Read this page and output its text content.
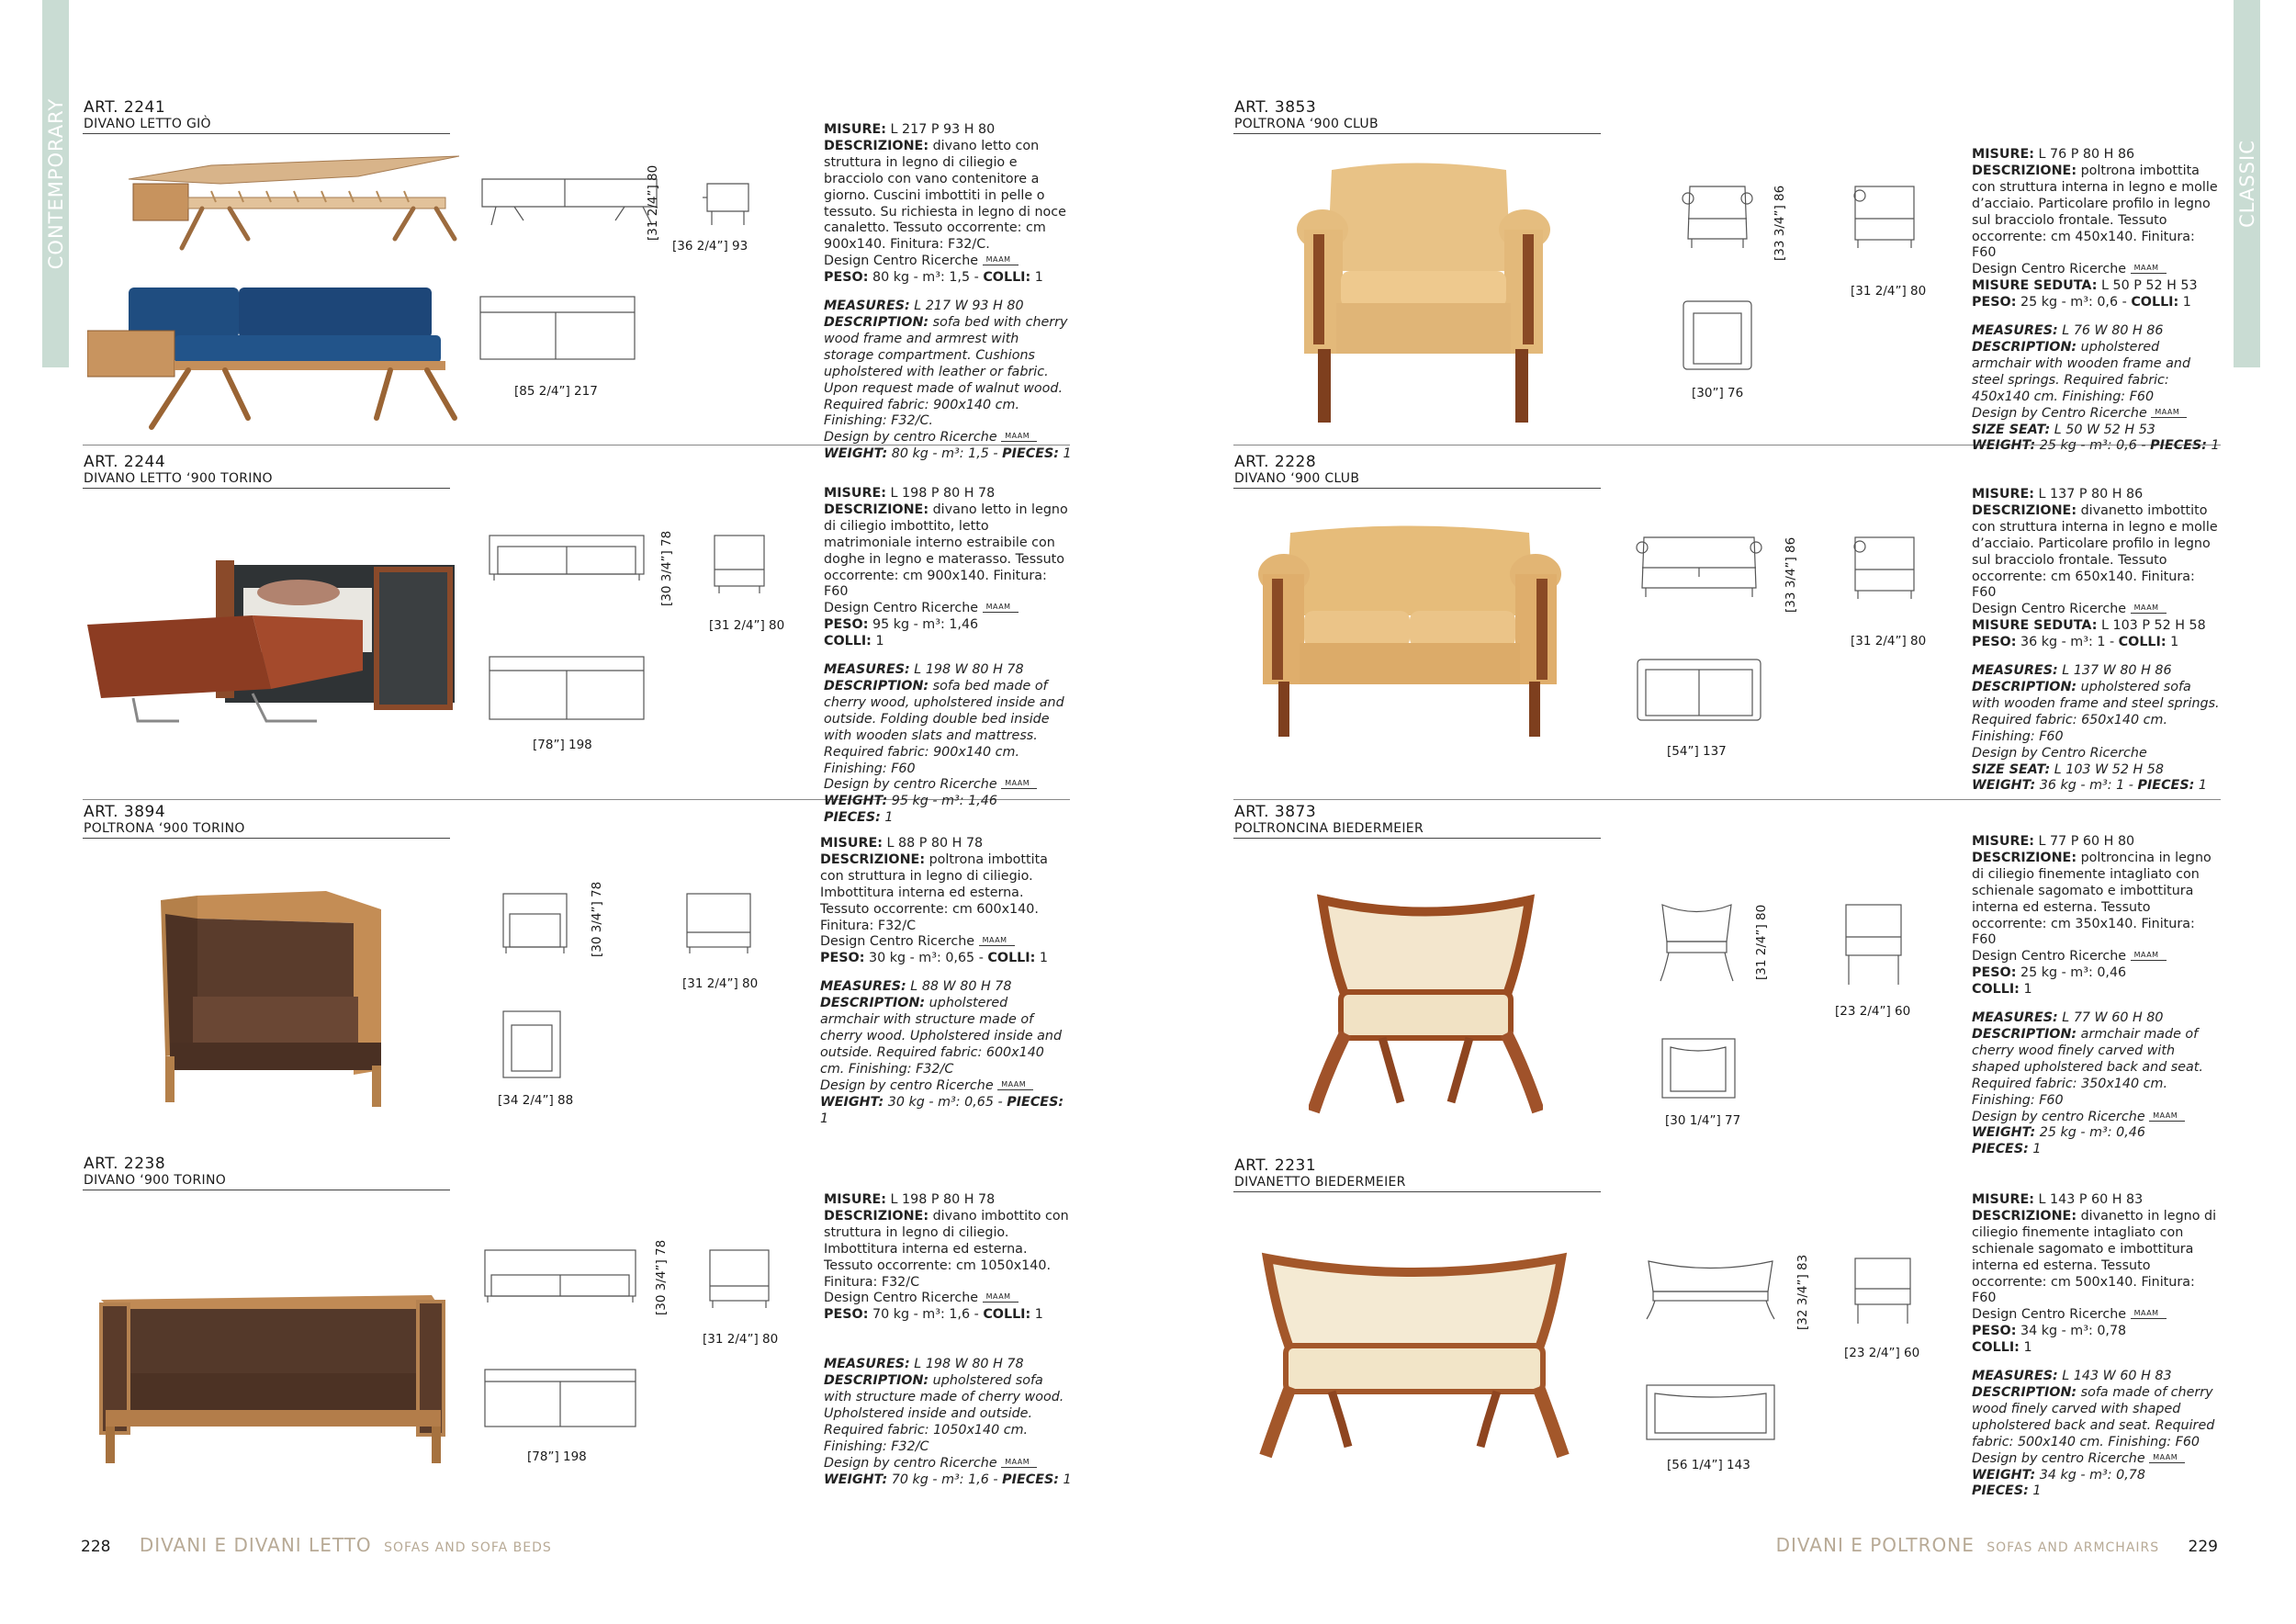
CONTEMPORARY	CLASSIC
ART. 2241
DIVANO LETTO GIÒ
[31 2/4”] 80
[36 2/4”] 93
[85 2/4”] 217
MISURE: L 217 P 93 H 80
DESCRIZIONE: divano letto con struttura in legno di ciliegio e bracciolo con vano contenitore a giorno. Cuscini imbottiti in pelle o tessuto. Su richiesta in legno di noce canaletto. Tessuto occorrente: cm 900x140. Finitura: F32/C.
Design Centro Ricerche MAAM
PESO: 80 kg - m³: 1,5 - COLLI: 1
MEASURES: L 217 W 93 H 80
DESCRIPTION: sofa bed with cherry wood frame and armrest with storage compartment. Cushions upholstered with leather or fabric. Upon request made of walnut wood. Required fabric: 900x140 cm. Finishing: F32/C.
Design by centro Ricerche MAAM
WEIGHT: 80 kg - m³: 1,5 - PIECES: 1
ART. 2244
DIVANO LETTO ‘900 TORINO
[30 3/4”] 78
[31 2/4”] 80
[78”] 198
MISURE: L 198 P 80 H 78
DESCRIZIONE: divano letto in legno di ciliegio imbottito, letto matrimoniale interno estraibile con doghe in legno e materasso. Tessuto occorrente: cm 900x140. Finitura: F60
Design Centro Ricerche MAAM
PESO: 95 kg - m³: 1,46
COLLI: 1
MEASURES: L 198 W 80 H 78
DESCRIPTION: sofa bed made of cherry wood, upholstered inside and outside. Folding double bed inside with wooden slats and mattress. Required fabric: 900x140 cm. Finishing: F60
Design by centro Ricerche MAAM
WEIGHT: 95 kg - m³: 1,46
PIECES: 1
ART. 3894
POLTRONA ‘900 TORINO
[30 3/4”] 78
[31 2/4”] 80
[34 2/4”] 88
MISURE: L 88 P 80 H 78
DESCRIZIONE: poltrona imbottita con struttura in legno di ciliegio. Imbottitura interna ed esterna. Tessuto occorrente: cm 600x140. Finitura: F32/C
Design Centro Ricerche MAAM
PESO: 30 kg - m³: 0,65 - COLLI: 1
MEASURES: L 88 W 80 H 78
DESCRIPTION: upholstered armchair with structure made of cherry wood. Upholstered inside and outside. Required fabric: 600x140 cm. Finishing: F32/C
Design by centro Ricerche MAAM
WEIGHT: 30 kg - m³: 0,65 - PIECES: 1
ART. 2238
DIVANO ‘900 TORINO
[30 3/4”] 78
[31 2/4”] 80
[78”] 198
MISURE: L 198 P 80 H 78
DESCRIZIONE: divano imbottito con struttura in legno di ciliegio. Imbottitura interna ed esterna. Tessuto occorrente: cm 1050x140. Finitura: F32/C
Design Centro Ricerche MAAM
PESO: 70 kg - m³: 1,6 - COLLI: 1
MEASURES: L 198 W 80 H 78
DESCRIPTION: upholstered sofa with structure made of cherry wood. Upholstered inside and outside. Required fabric: 1050x140 cm. Finishing: F32/C
Design by centro Ricerche MAAM
WEIGHT: 70 kg - m³: 1,6 - PIECES: 1
ART. 3853
POLTRONA ‘900 CLUB
[33 3/4”] 86
[31 2/4”] 80
[30”] 76
MISURE: L 76 P 80 H 86
DESCRIZIONE: poltrona imbottita con struttura interna in legno e molle d’acciaio. Particolare profilo in legno sul bracciolo frontale. Tessuto occorrente: cm 450x140. Finitura: F60
Design Centro Ricerche MAAM
MISURE SEDUTA: L 50 P 52 H 53
PESO: 25 kg - m³: 0,6 - COLLI: 1
MEASURES: L 76 W 80 H 86
DESCRIPTION: upholstered armchair with wooden frame and steel springs. Required fabric: 450x140 cm. Finishing: F60
Design by Centro Ricerche MAAM
SIZE SEAT: L 50 W 52 H 53
WEIGHT: 25 kg - m³: 0,6 - PIECES: 1
ART. 2228
DIVANO ‘900 CLUB
[33 3/4”] 86
[31 2/4”] 80
[54”] 137
MISURE: L 137 P 80 H 86
DESCRIZIONE: divanetto imbottito con struttura interna in legno e molle d’acciaio. Particolare profilo in legno sul bracciolo frontale. Tessuto occorrente: cm 650x140. Finitura: F60
Design Centro Ricerche MAAM
MISURE SEDUTA: L 103 P 52 H 58
PESO: 36 kg - m³: 1 - COLLI: 1
MEASURES: L 137 W 80 H 86
DESCRIPTION: upholstered sofa with wooden frame and steel springs. Required fabric: 650x140 cm. Finishing: F60
Design by Centro Ricerche
SIZE SEAT: L 103 W 52 H 58
WEIGHT: 36 kg - m³: 1 - PIECES: 1
ART. 3873
POLTRONCINA BIEDERMEIER
[31 2/4”] 80
[23 2/4”] 60
[30 1/4”] 77
MISURE: L 77 P 60 H 80
DESCRIZIONE: poltroncina in legno di ciliegio finemente intagliato con schienale sagomato e imbottitura interna ed esterna. Tessuto occorrente: cm 350x140. Finitura: F60
Design Centro Ricerche MAAM
PESO: 25 kg - m³: 0,46
COLLI: 1
MEASURES: L 77 W 60 H 80
DESCRIPTION: armchair made of cherry wood finely carved with shaped upholstered back and seat. Required fabric: 350x140 cm. Finishing: F60
Design by centro Ricerche MAAM
WEIGHT: 25 kg - m³: 0,46
PIECES: 1
ART. 2231
DIVANETTO BIEDERMEIER
[32 3/4”] 83
[23 2/4”] 60
[56 1/4”] 143
MISURE: L 143 P 60 H 83
DESCRIZIONE: divanetto in legno di ciliegio finemente intagliato con schienale sagomato e imbottitura interna ed esterna. Tessuto occorrente: cm 500x140. Finitura: F60
Design Centro Ricerche MAAM
PESO: 34 kg - m³: 0,78
COLLI: 1
MEASURES: L 143 W 60 H 83
DESCRIPTION: sofa made of cherry wood finely carved with shaped upholstered back and seat. Required fabric: 500x140 cm. Finishing: F60
Design by centro Ricerche MAAM
WEIGHT: 34 kg - m³: 0,78
PIECES: 1
228 DIVANI E DIVANI LETTO SOFAS AND SOFA BEDS	DIVANI E POLTRONE SOFAS AND ARMCHAIRS 229
